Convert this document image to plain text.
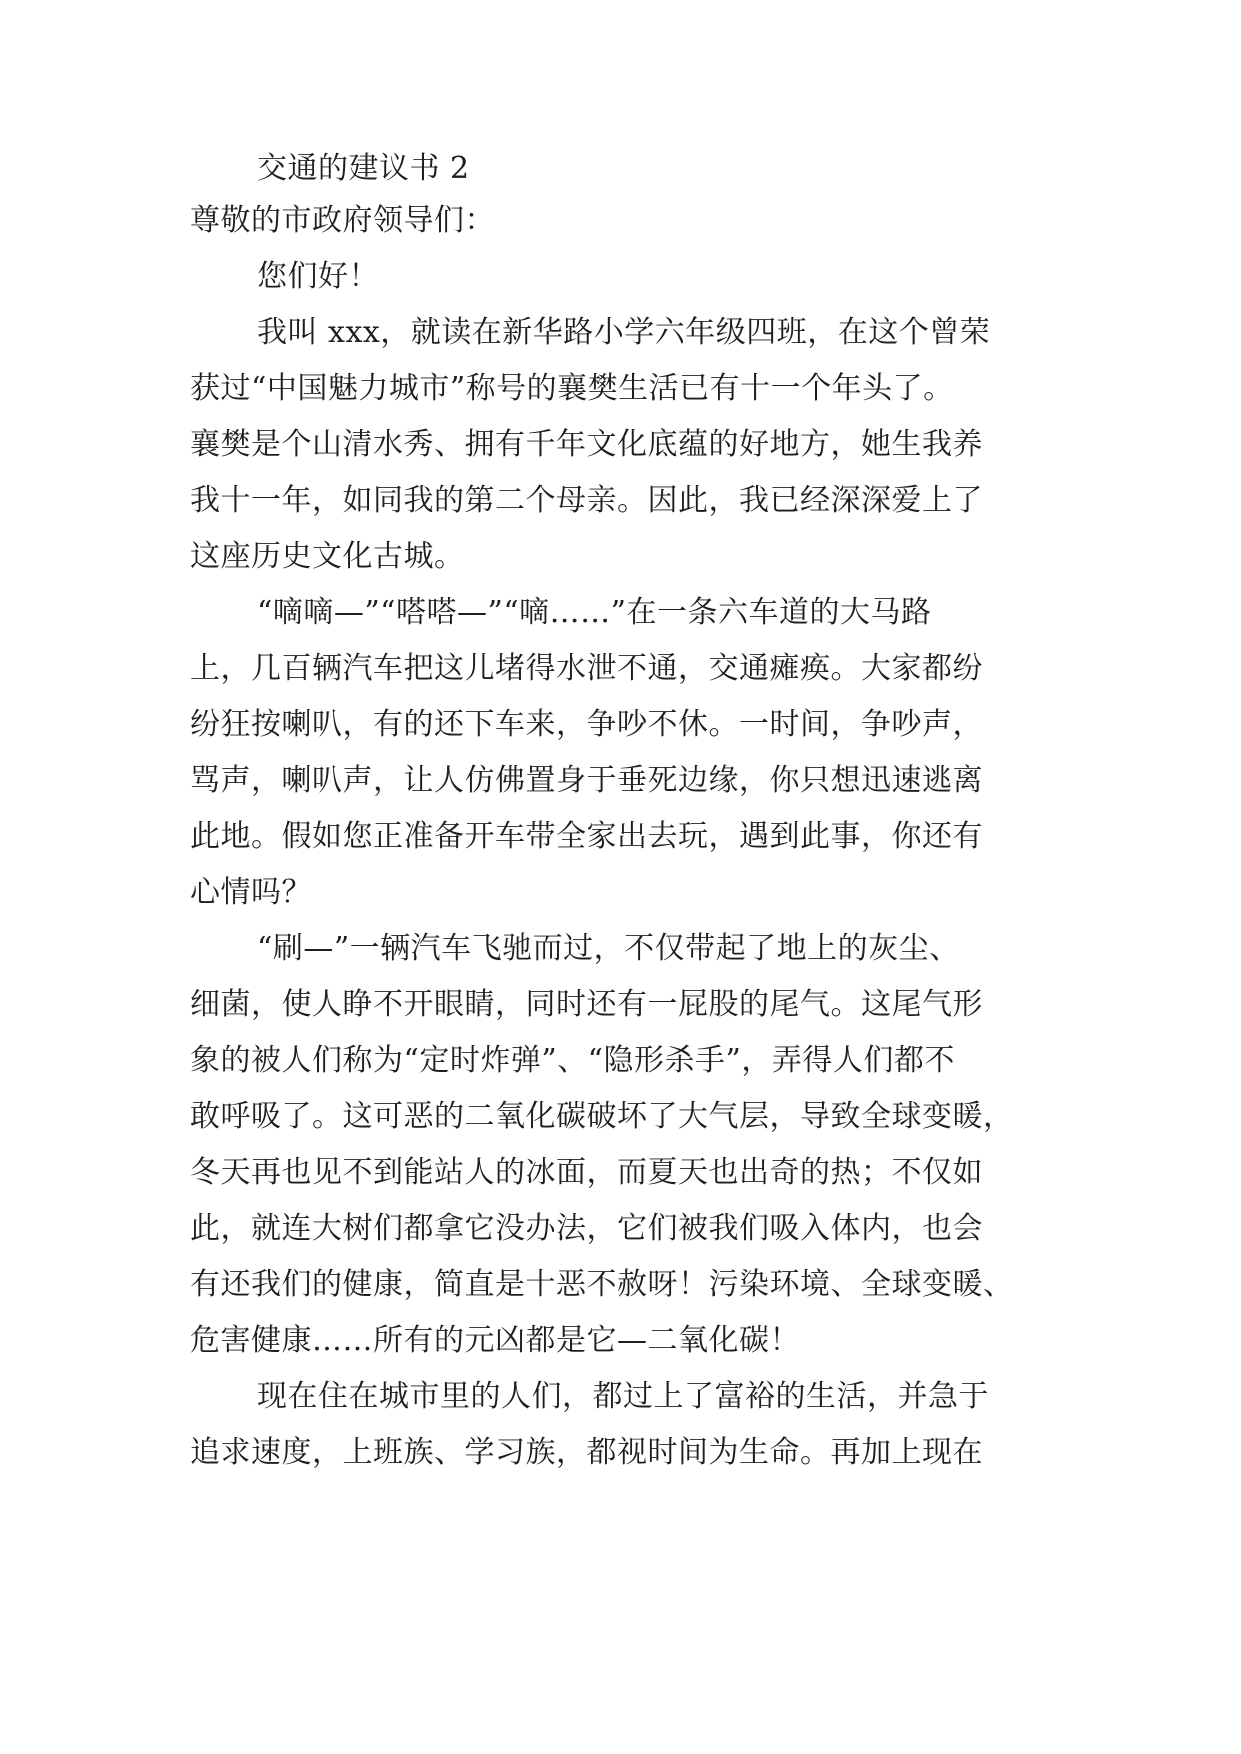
交通的建议书 2
尊敬的市政府领导们：
您们好！
我叫 xxx，就读在新华路小学六年级四班，在这个曾荣
获过“中国魅力城市”称号的襄樊生活已有十一个年头了。
襄樊是个山清水秀、拥有千年文化底蕴的好地方，她生我养
我十一年，如同我的第二个母亲。因此，我已经深深爱上了
这座历史文化古城。
“嘀嘀—”“嗒嗒—”“嘀……”在一条六车道的大马路
上，几百辆汽车把这儿堵得水泄不通，交通瘫痪。大家都纷
纷狂按喇叭，有的还下车来，争吵不休。一时间，争吵声，
骂声，喇叭声，让人仿佛置身于垂死边缘，你只想迅速逃离
此地。假如您正准备开车带全家出去玩，遇到此事，你还有
心情吗？
“刷—”一辆汽车飞驰而过，不仅带起了地上的灰尘、
细菌，使人睁不开眼睛，同时还有一屁股的尾气。这尾气形
象的被人们称为“定时炸弹”、“隐形杀手”，弄得人们都不
敢呼吸了。这可恶的二氧化碳破坏了大气层，导致全球变暖，
冬天再也见不到能站人的冰面，而夏天也出奇的热；不仅如
此，就连大树们都拿它没办法，它们被我们吸入体内，也会
有还我们的健康，简直是十恶不赦呀！污染环境、全球变暖、
危害健康……所有的元凶都是它—二氧化碳！
现在住在城市里的人们，都过上了富裕的生活，并急于
追求速度，上班族、学习族，都视时间为生命。再加上现在
